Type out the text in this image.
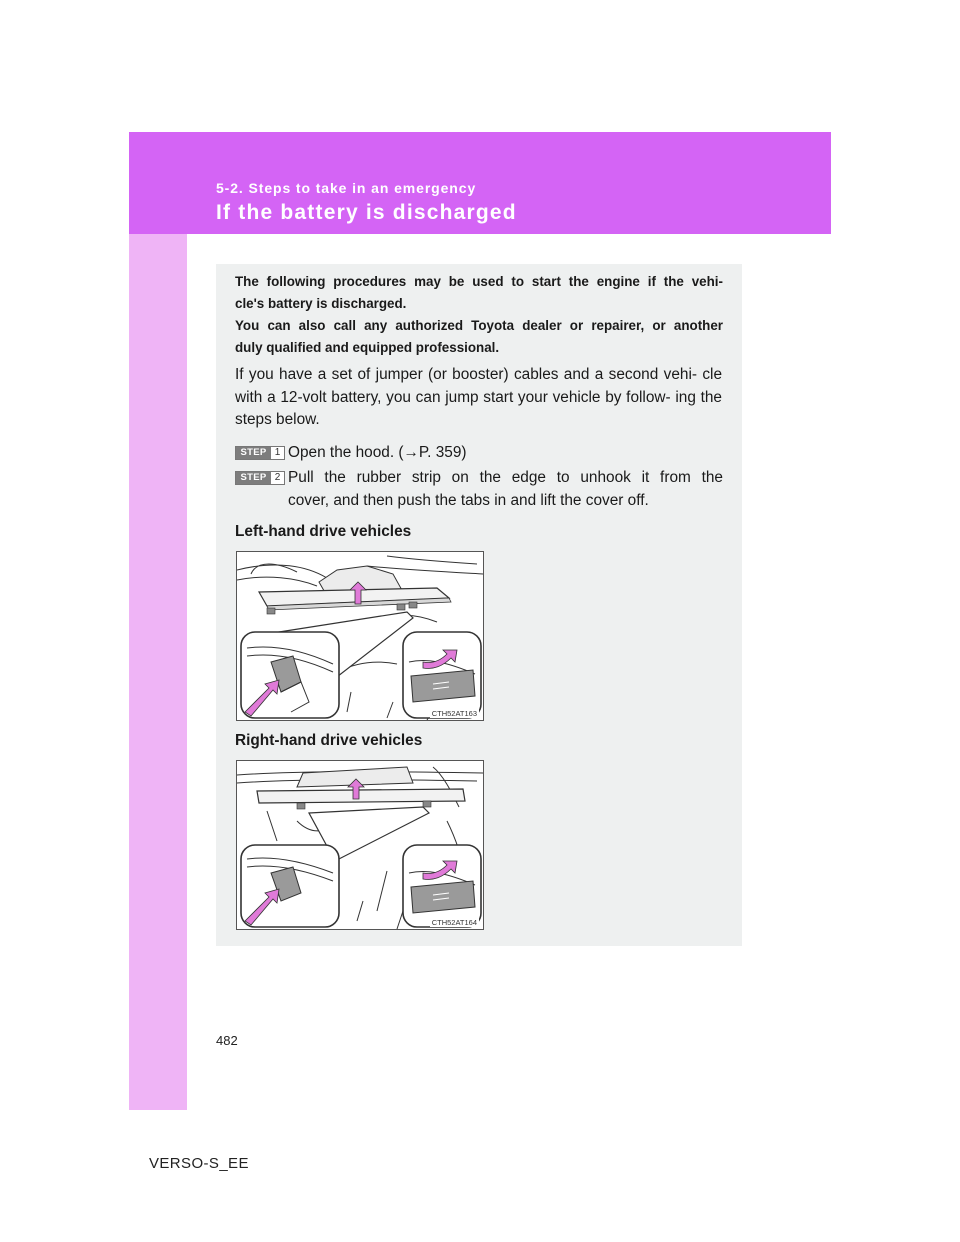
5-2. Steps to take in an emergency
If the battery is discharged

The following procedures may be used to start the engine if the vehi-
cle's battery is discharged.
You can also call any authorized Toyota dealer or repairer, or another
duly qualified and equipped professional.

If you have a set of jumper (or booster) cables and a second vehi- cle with a 12-volt battery, you can jump start your vehicle by follow- ing the steps below.

STEP 1 Open the hood. (→P. 359)
STEP 2 Pull the rubber strip on the edge to unhook it from the
cover, and then push the tabs in and lift the cover off.
Left-hand drive vehicles
CTH52AT163
Right-hand drive vehicles
CTH52AT164
482
VERSO-S_EE
